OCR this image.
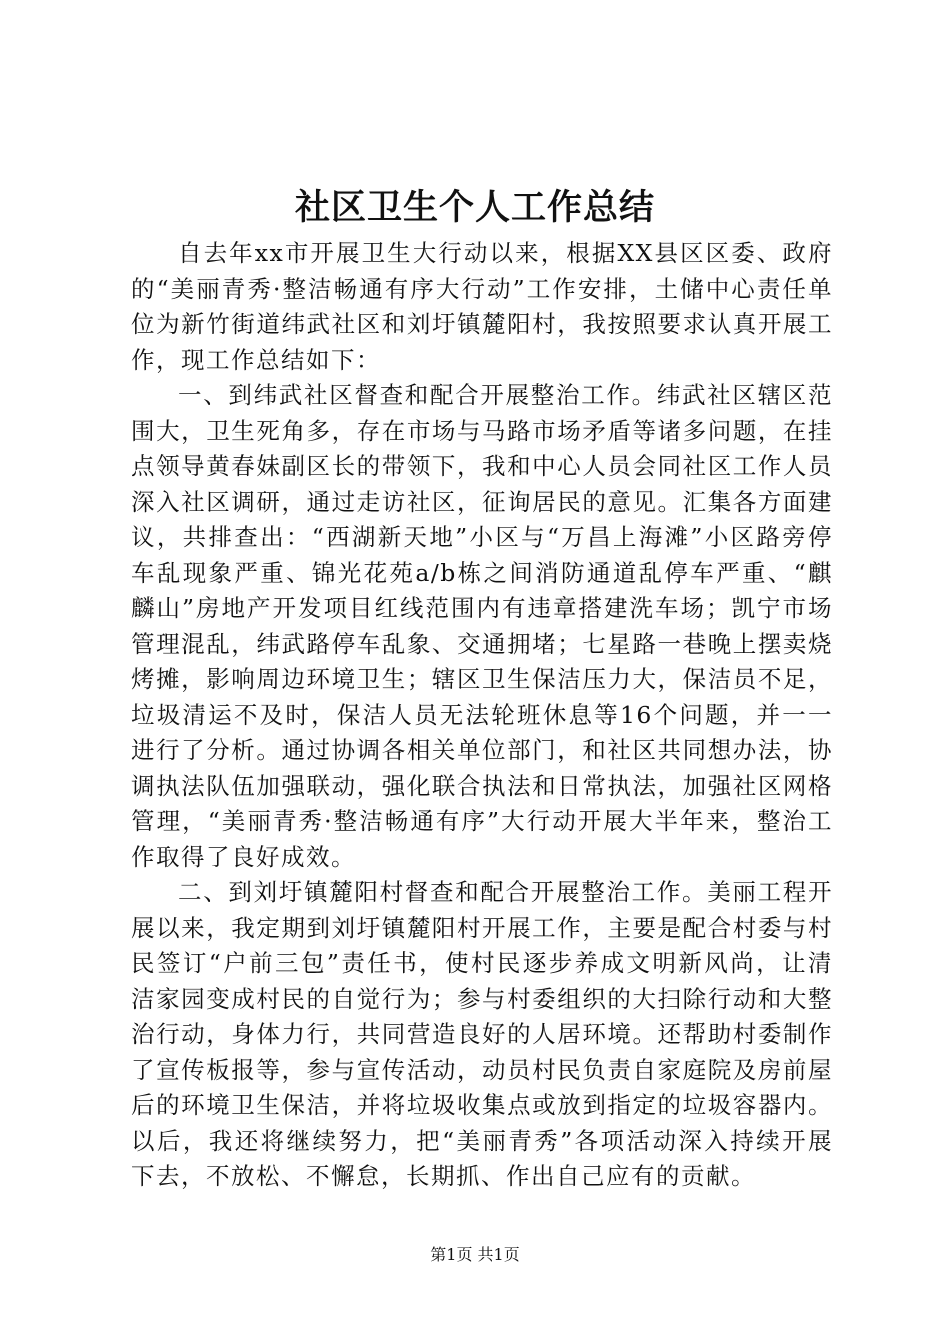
社区卫生个人工作总结

自去年xx市开展卫生大行动以来，根据XX县区区委、政府的“美丽青秀·整洁畅通有序大行动”工作安排，土储中心责任单位为新竹街道纬武社区和刘圩镇麓阳村，我按照要求认真开展工作，现工作总结如下：

一、到纬武社区督查和配合开展整治工作。纬武社区辖区范围大，卫生死角多，存在市场与马路市场矛盾等诸多问题，在挂点领导黄春妹副区长的带领下，我和中心人员会同社区工作人员深入社区调研，通过走访社区，征询居民的意见。汇集各方面建议，共排查出：“西湖新天地”小区与“万昌上海滩”小区路旁停车乱现象严重、锦光花苑a/b栋之间消防通道乱停车严重、“麒麟山”房地产开发项目红线范围内有违章搭建洗车场；凯宁市场管理混乱，纬武路停车乱象、交通拥堵；七星路一巷晚上摆卖烧烤摊，影响周边环境卫生；辖区卫生保洁压力大，保洁员不足，垃圾清运不及时，保洁人员无法轮班休息等16个问题，并一一进行了分析。通过协调各相关单位部门，和社区共同想办法，协调执法队伍加强联动，强化联合执法和日常执法，加强社区网格管理，“美丽青秀·整洁畅通有序”大行动开展大半年来，整治工作取得了良好成效。

二、到刘圩镇麓阳村督查和配合开展整治工作。美丽工程开展以来，我定期到刘圩镇麓阳村开展工作，主要是配合村委与村民签订“户前三包”责任书，使村民逐步养成文明新风尚，让清洁家园变成村民的自觉行为；参与村委组织的大扫除行动和大整治行动，身体力行，共同营造良好的人居环境。还帮助村委制作了宣传板报等，参与宣传活动，动员村民负责自家庭院及房前屋后的环境卫生保洁，并将垃圾收集点或放到指定的垃圾容器内。以后，我还将继续努力，把“美丽青秀”各项活动深入持续开展下去，不放松、不懈怠，长期抓、作出自己应有的贡献。

第1页 共1页
